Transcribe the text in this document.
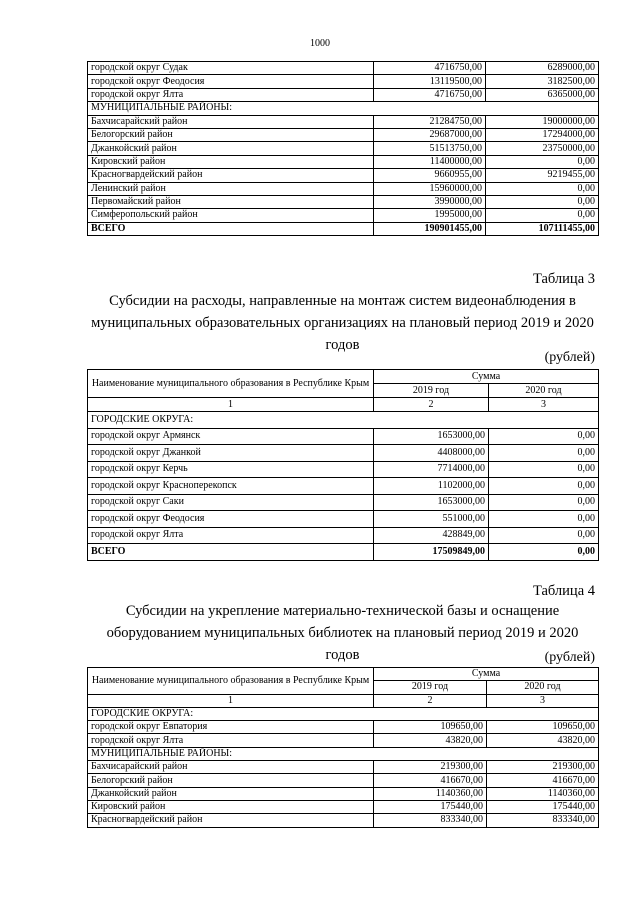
1000
городской округ Судак	4716750,00	6289000,00
городской округ Феодосия	13119500,00	3182500,00
городской округ Ялта	4716750,00	6365000,00
МУНИЦИПАЛЬНЫЕ РАЙОНЫ:		
Бахчисарайский район	21284750,00	19000000,00
Белогорский район	29687000,00	17294000,00
Джанкойский район	51513750,00	23750000,00
Кировский район	11400000,00	0,00
Красногвардейский район	9660955,00	9219455,00
Ленинский район	15960000,00	0,00
Первомайский район	3990000,00	0,00
Симферопольский район	1995000,00	0,00
ВСЕГО	190901455,00	107111455,00
Таблица 3
Субсидии на расходы, направленные на монтаж систем видеонаблюдения в муниципальных образовательных организациях на плановый период 2019 и 2020 годов
(рублей)
Наименование муниципального образования в Республике Крым	Сумма	
	2019 год	2020 год
1	2	3
ГОРОДСКИЕ ОКРУГА:		
городской округ Армянск	1653000,00	0,00
городской округ Джанкой	4408000,00	0,00
городской округ Керчь	7714000,00	0,00
городской округ Красноперекопск	1102000,00	0,00
городской округ Саки	1653000,00	0,00
городской округ Феодосия	551000,00	0,00
городской округ Ялта	428849,00	0,00
ВСЕГО	17509849,00	0,00
Таблица 4
Субсидии на укрепление материально-технической базы и оснащение оборудованием муниципальных библиотек на плановый период 2019 и 2020 годов	(рублей)
Наименование муниципального образования в Республике Крым	Сумма	
	2019 год	2020 год
1	2	3
ГОРОДСКИЕ ОКРУГА:		
городской округ Евпатория	109650,00	109650,00
городской округ Ялта	43820,00	43820,00
МУНИЦИПАЛЬНЫЕ РАЙОНЫ:		
Бахчисарайский район	219300,00	219300,00
Белогорский район	416670,00	416670,00
Джанкойский район	1140360,00	1140360,00
Кировский район	175440,00	175440,00
Красногвардейский район	833340,00	833340,00
